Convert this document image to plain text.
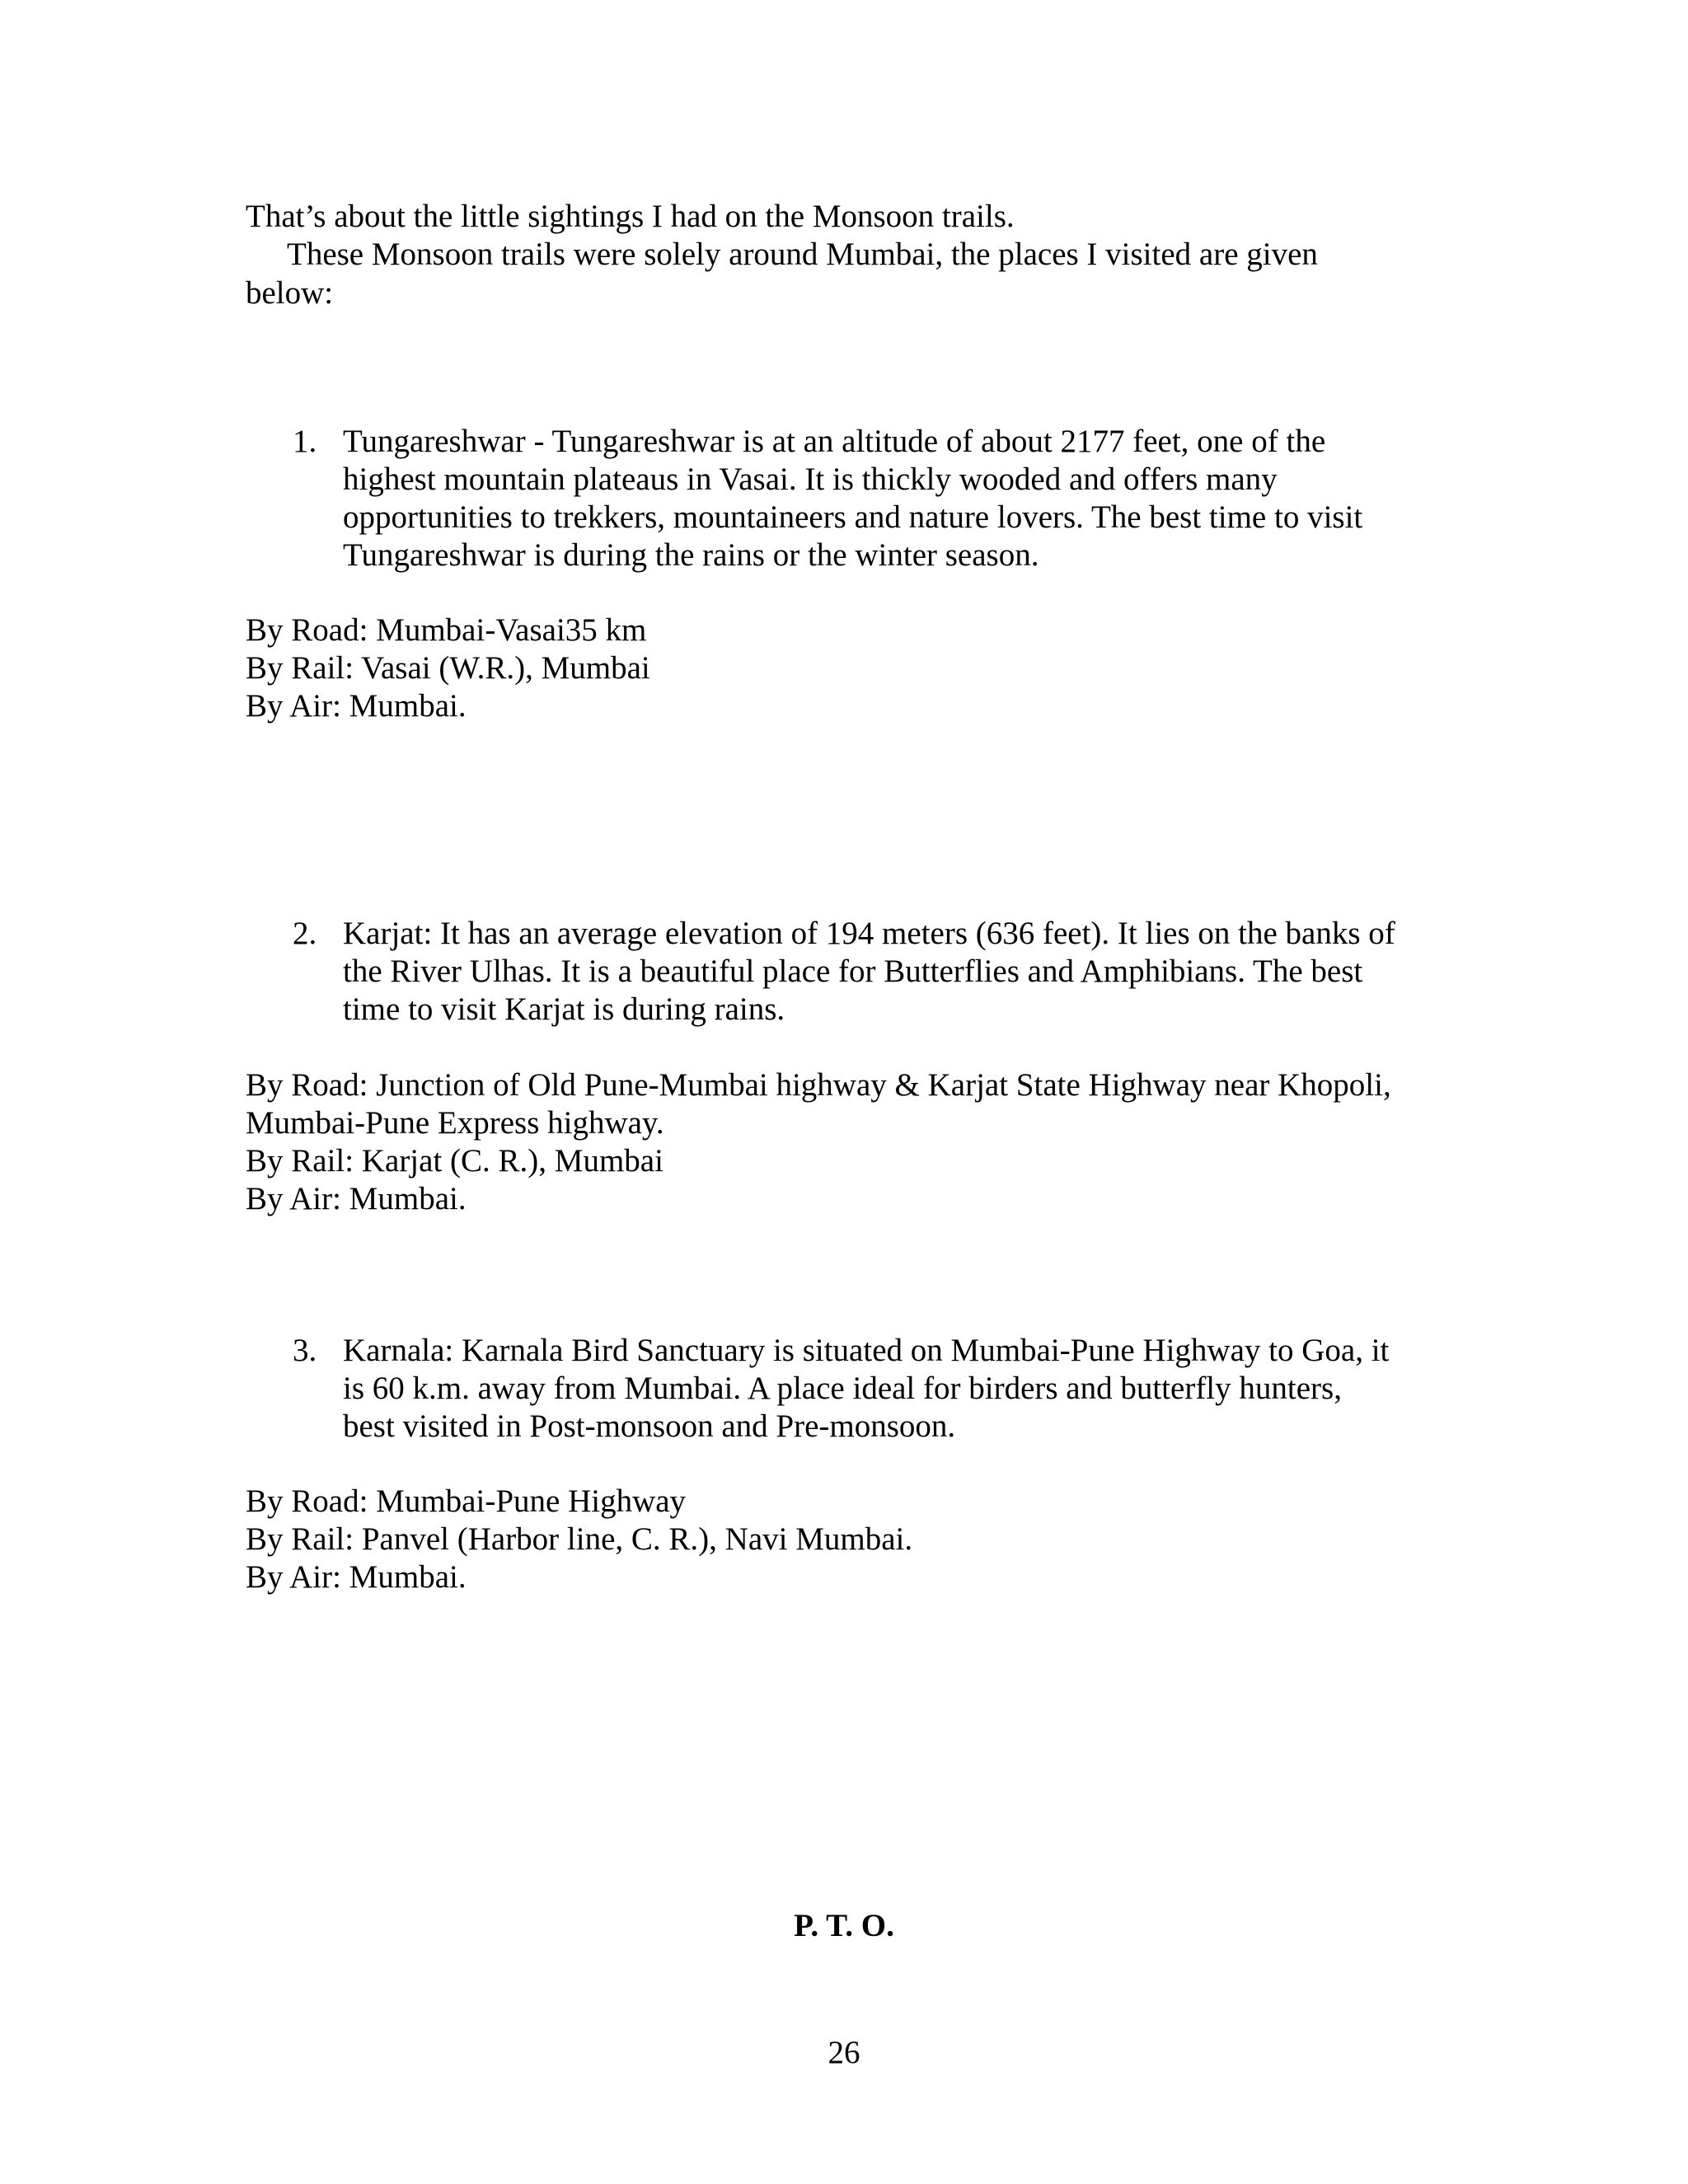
That’s about the little sightings I had on the Monsoon trails.
These Monsoon trails were solely around Mumbai, the places I visited are given
below:
1. Tungareshwar - Tungareshwar is at an altitude of about 2177 feet, one of the
highest mountain plateaus in Vasai. It is thickly wooded and offers many
opportunities to trekkers, mountaineers and nature lovers. The best time to visit
Tungareshwar is during the rains or the winter season.
By Road: Mumbai-Vasai35 km
By Rail: Vasai (W.R.), Mumbai
By Air: Mumbai.
2. Karjat: It has an average elevation of 194 meters (636 feet). It lies on the banks of
the River Ulhas. It is a beautiful place for Butterflies and Amphibians. The best
time to visit Karjat is during rains.
By Road: Junction of Old Pune-Mumbai highway & Karjat State Highway near Khopoli,
Mumbai-Pune Express highway.
By Rail: Karjat (C. R.), Mumbai
By Air: Mumbai.
3. Karnala: Karnala Bird Sanctuary is situated on Mumbai-Pune Highway to Goa, it
is 60 k.m. away from Mumbai. A place ideal for birders and butterfly hunters,
best visited in Post-monsoon and Pre-monsoon.
By Road: Mumbai-Pune Highway
By Rail: Panvel (Harbor line, C. R.), Navi Mumbai.
By Air: Mumbai.
P. T. O.
26
